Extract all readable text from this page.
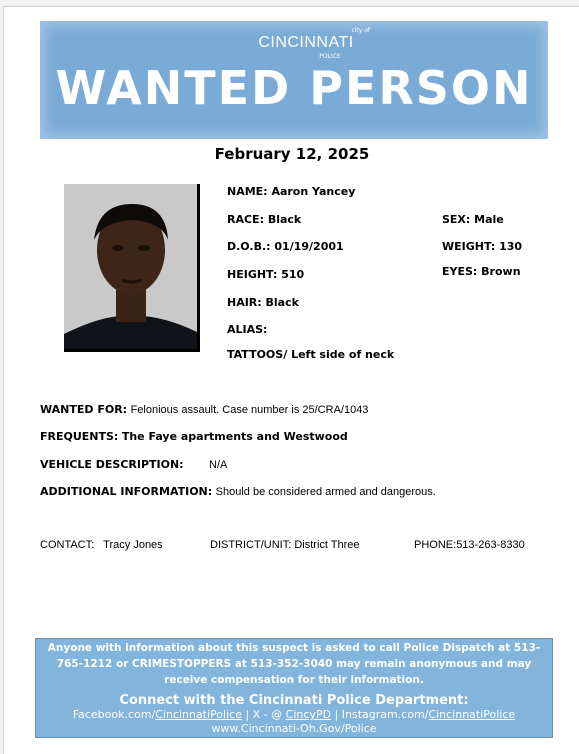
city of
CINCINNATI
POLICE
WANTED PERSON
February 12, 2025
NAME: Aaron Yancey
RACE: Black	SEX: Male
D.O.B.: 01/19/2001	WEIGHT: 130
HEIGHT: 510	EYES: Brown
HAIR: Black
ALIAS:
TATTOOS/ Left side of neck
WANTED FOR: Felonious assault. Case number is 25/CRA/1043
FREQUENTS: The Faye apartments and Westwood
VEHICLE DESCRIPTION: N/A
ADDITIONAL INFORMATION: Should be considered armed and dangerous.
CONTACT: Tracy Jones	DISTRICT/UNIT: District Three	PHONE:513-263-8330
Anyone with information about this suspect is asked to call Police Dispatch at 513-765-1212 or CRIMESTOPPERS at 513-352-3040 may remain anonymous and may receive compensation for their information.
Connect with the Cincinnati Police Department:
Facebook.com/CincinnatiPolice | X - @ CincyPD | Instagram.com/CincinnatiPolice
www.Cincinnati-Oh.Gov/Police
